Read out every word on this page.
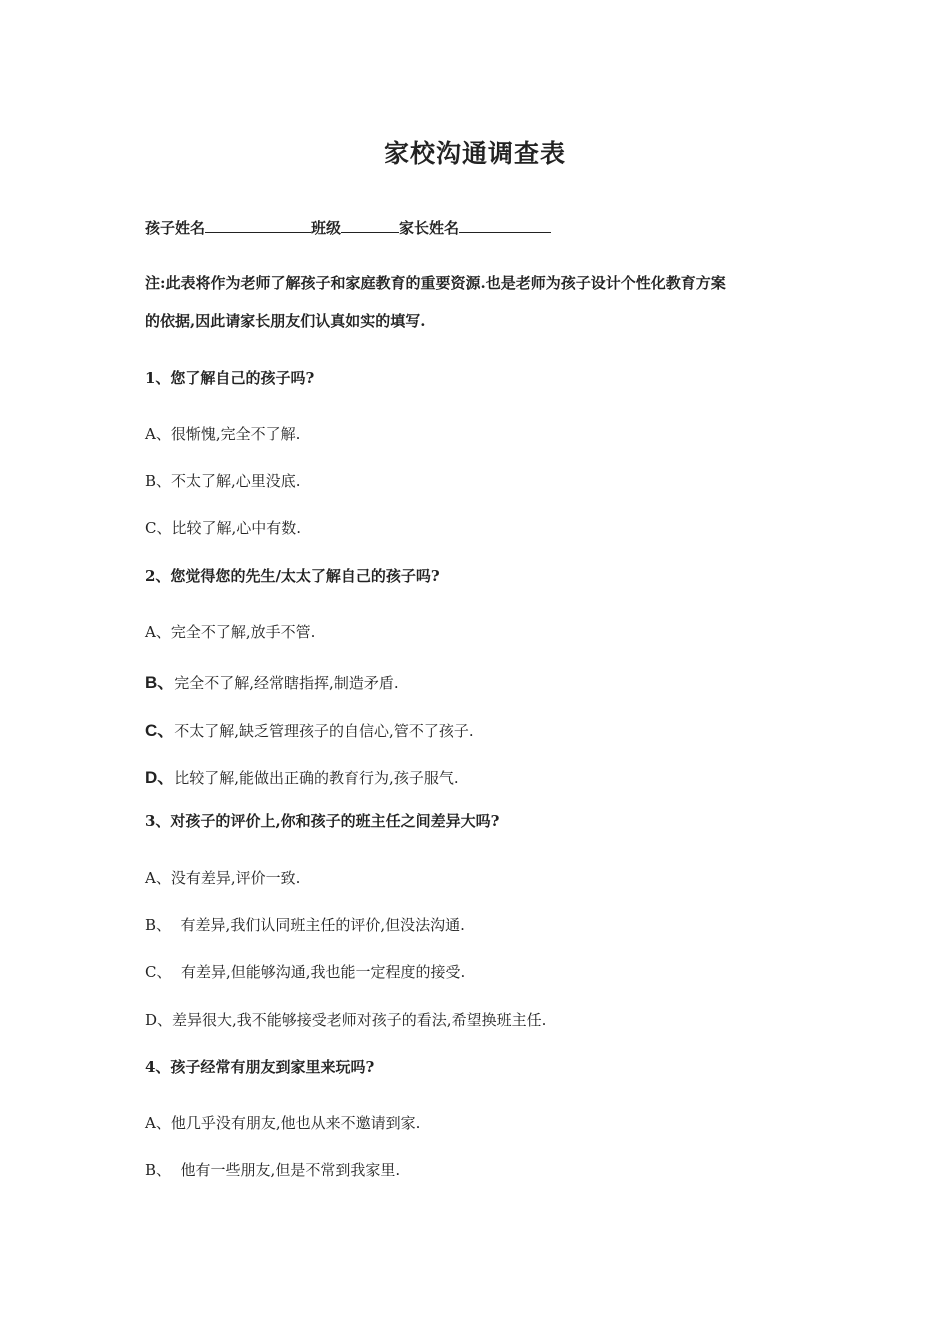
家校沟通调查表
孩子姓名	班级	家长姓名
注:此表将作为老师了解孩子和家庭教育的重要资源.也是老师为孩子设计个性化教育方案
的依据,因此请家长朋友们认真如实的填写.
1、您了解自己的孩子吗?
A、很惭愧,完全不了解.
B、不太了解,心里没底.
C、比较了解,心中有数.
2、您觉得您的先生/太太了解自己的孩子吗?
A、完全不了解,放手不管.
B、完全不了解,经常瞎指挥,制造矛盾.
C、不太了解,缺乏管理孩子的自信心,管不了孩子.
D、比较了解,能做出正确的教育行为,孩子服气.
3、对孩子的评价上,你和孩子的班主任之间差异大吗?
A、没有差异,评价一致.
B、  有差异,我们认同班主任的评价,但没法沟通.
C、  有差异,但能够沟通,我也能一定程度的接受.
D、差异很大,我不能够接受老师对孩子的看法,希望换班主任.
4、孩子经常有朋友到家里来玩吗?
A、他几乎没有朋友,他也从来不邀请到家.
B、  他有一些朋友,但是不常到我家里.
